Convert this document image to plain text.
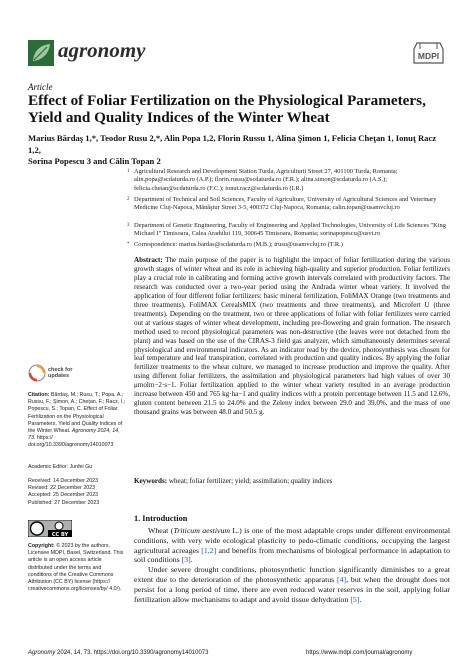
agronomy	MDPI
Article
Effect of Foliar Fertilization on the Physiological Parameters, Yield and Quality Indices of the Winter Wheat
Marius Bărdaş 1,*, Teodor Rusu 2,*, Alin Popa 1,2, Florin Russu 1, Alina Şimon 1, Felicia Cheţan 1, Ionuţ Racz 1,2,
Sorina Popescu 3 and Călin Topan 2
1 Agricultural Research and Development Station Turda, Agriculturii Street 27, 401100 Turda, Romania; alin.popa@scdaturda.ro (A.P.); florin.russu@scdaturda.ro (F.R.); alina.simon@scdaturda.ro (A.S.); felicia.chetan@scdaturda.ro (F.C.); ionut.racz@scdaturda.ro (I.R.)
2 Department of Technical and Soil Sciences, Faculty of Agriculture, University of Agricultural Sciences and Veterinary Medicine Cluj-Napoca, Mănăştur Street 3-5, 400372 Cluj-Napoca, Romania; calin.topan@usamvcluj.ro
3 Department of Genetic Engineering, Faculty of Engineering and Applied Technologies, University of Life Sciences "King Michael I" Timisoara, Calea Aradului 119, 300645 Timisoara, Romania; sorinapopescu@usvt.ro
* Correspondence: marius.bardas@scdaturda.ro (M.B.); trusu@usamvcluj.ro (T.R.)
Abstract: The main purpose of the paper is to highlight the impact of foliar fertilization during the various growth stages of winter wheat and its role in achieving high-quality and superior production. Foliar fertilizers play a crucial role in calibrating and forming active growth intervals correlated with productivity factors. The research was conducted over a two-year period using the Andrada winter wheat variety. It involved the application of four different foliar fertilizers: basic mineral fertilization, FoliMAX Orange (two treatments and three treatments), FoliMAX CerealsMIX (two treatments and three treatments), and Microfert U (three treatments). Depending on the treatment, two or three applications of foliar with foliar fertilizers were carried out at various stages of winter wheat development, including pre-flowering and grain formation. The research method used to record physiological parameters was non-destructive (the leaves were not detached from the plant) and was based on the use of the CIRAS-3 field gas analyzer, which simultaneously determines several physiological and environmental indicators. As an indicator read by the device, photosynthesis was chosen for leaf temperature and leaf transpiration, correlated with production and quality indices. By applying the foliar fertilizer treatments to the wheat culture, we managed to increase production and improve the quality. After using different foliar fertilizers, the assimilation and physiological parameters had high values of over 30 μmolm−2·s−1. Foliar fertilization applied to the winter wheat variety resulted in an average production increase between 450 and 765 kg·ha−1 and quality indices with a protein percentage between 11.5 and 12.6%, gluten content between 21.5 to 24.0% and the Zeleny index between 29.0 and 39.0%, and the mass of one thousand grains was between 48.0 and 50.5 g.
Keywords: wheat; foliar fertilizer; yield; assimilation; quality indices
1. Introduction
Wheat (Triticum aestivum L.) is one of the most adaptable crops under different environmental conditions, with very wide ecological plasticity to pedo-climatic conditions, occupying the largest agricultural acreages [1,2] and benefits from mechanisms of biological performance in adaptation to soil conditions [3].
Under severe drought conditions, photosynthetic function significantly diminishes to a great extent due to the deterioration of the photosynthetic apparatus [4], but when the drought does not persist for a long period of time, there are even reduced water reserves in the soil, applying foliar fertilization allow mechanisms to adapt and avoid tissue dehydration [5].
check for updates
Citation: Bărdaş, M.; Rusu, T.; Popa, A.; Russu, F.; Şimon, A.; Cheţan, F.; Racz, I.; Popescu, S.; Topan, C. Effect of Foliar Fertilization on the Physiological Parameters, Yield and Quality Indices of the Winter Wheat. Agronomy 2024, 14, 73. https:// doi.org/10.3390/agronomy14010073
Academic Editor: Junfei Gu
Received: 14 December 2023
Revised: 22 December 2023
Accepted: 25 December 2023
Published: 27 December 2023
CC BY
Copyright: © 2023 by the authors. Licensee MDPI, Basel, Switzerland. This article is an open access article distributed under the terms and conditions of the Creative Commons Attribution (CC BY) license (https:// creativecommons.org/licenses/by/ 4.0/).
Agronomy 2024, 14, 73. https://doi.org/10.3390/agronomy14010073	https://www.mdpi.com/journal/agronomy
